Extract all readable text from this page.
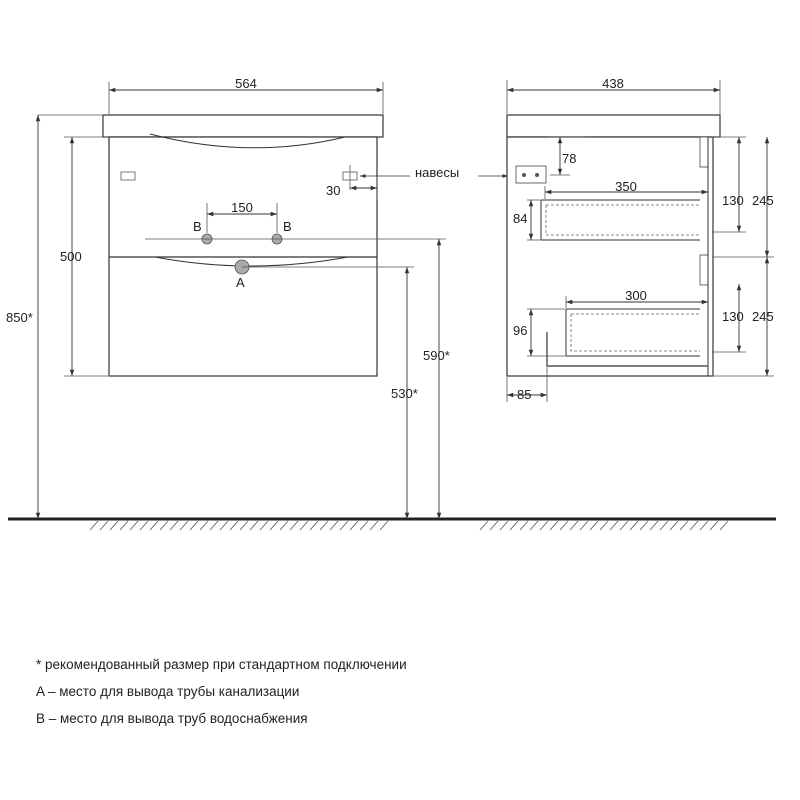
564
850*
500
150
B	B
A
30
навесы
590*
530*
438
78
350
84
130 245
300
96
130 245
85
* рекомендованный размер при стандартном подключении
A – место для вывода трубы канализации
B – место для вывода труб водоснабжения
